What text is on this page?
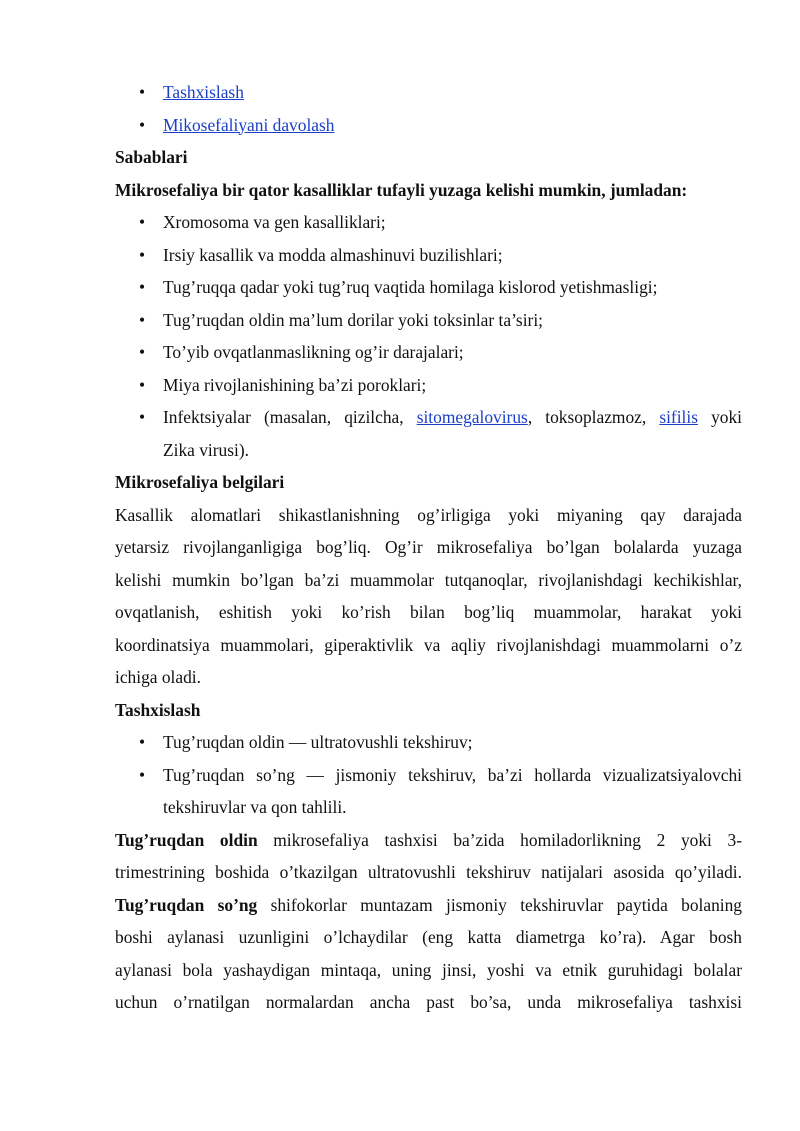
• Tashxislash
• Mikosefaliyani davolash
Sabablari
Mikrosefaliya bir qator kasalliklar tufayli yuzaga kelishi mumkin, jumladan:
• Xromosoma va gen kasalliklari;
• Irsiy kasallik va modda almashinuvi buzilishlari;
• Tug’ruqqa qadar yoki tug’ruq vaqtida homilaga kislorod yetishmasligi;
• Tug’ruqdan oldin ma’lum dorilar yoki toksinlar ta’siri;
• To’yib ovqatlanmaslikning og’ir darajalari;
• Miya rivojlanishining ba’zi poroklari;
• Infektsiyalar (masalan, qizilcha, sitomegalovirus, toksoplazmoz, sifilis yoki
Zika virusi).
Mikrosefaliya belgilari
Kasallik alomatlari shikastlanishning og’irligiga yoki miyaning qay darajada
yetarsiz rivojlanganligiga bog’liq. Og’ir mikrosefaliya bo’lgan bolalarda yuzaga
kelishi mumkin bo’lgan ba’zi muammolar tutqanoqlar, rivojlanishdagi kechikishlar,
ovqatlanish, eshitish yoki ko’rish bilan bog’liq muammolar, harakat yoki
koordinatsiya muammolari, giperaktivlik va aqliy rivojlanishdagi muammolarni o’z
ichiga oladi.
Tashxislash
• Tug’ruqdan oldin — ultratovushli tekshiruv;
• Tug’ruqdan so’ng — jismoniy tekshiruv, ba’zi hollarda vizualizatsiyalovchi
tekshiruvlar va qon tahlili.
Tug’ruqdan oldin mikrosefaliya tashxisi ba’zida homiladorlikning 2 yoki 3-
trimestrining boshida o’tkazilgan ultratovushli tekshiruv natijalari asosida qo’yiladi.
Tug’ruqdan so’ng shifokorlar muntazam jismoniy tekshiruvlar paytida bolaning
boshi aylanasi uzunligini o’lchaydilar (eng katta diametrga ko’ra). Agar bosh
aylanasi bola yashaydigan mintaqa, uning jinsi, yoshi va etnik guruhidagi bolalar
uchun o’rnatilgan normalardan ancha past bo’sa, unda mikrosefaliya tashxisi
